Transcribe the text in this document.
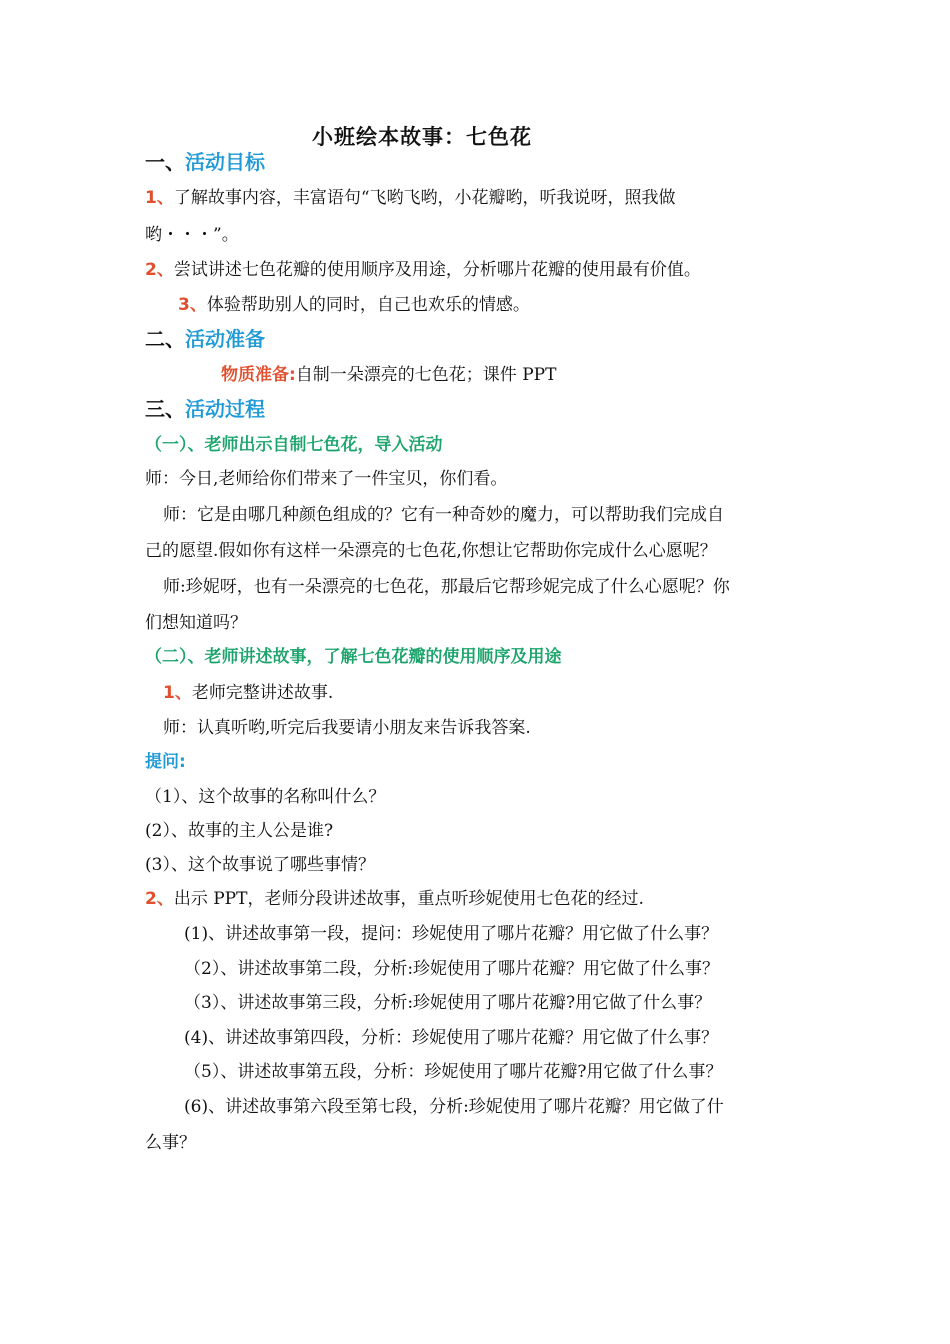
小班绘本故事：七色花
一、活动目标
1、了解故事内容，丰富语句“飞哟飞哟，小花瓣哟，听我说呀，照我做
哟・・・”。
2、尝试讲述七色花瓣的使用顺序及用途，分析哪片花瓣的使用最有价值。
3、体验帮助别人的同时，自己也欢乐的情感。
二、活动准备
物质准备:自制一朵漂亮的七色花；课件 PPT
三、活动过程
（一）、老师出示自制七色花，导入活动
师：今日,老师给你们带来了一件宝贝，你们看。
师：它是由哪几种颜色组成的？它有一种奇妙的魔力，可以帮助我们完成自
己的愿望.假如你有这样一朵漂亮的七色花,你想让它帮助你完成什么心愿呢？
师:珍妮呀，也有一朵漂亮的七色花，那最后它帮珍妮完成了什么心愿呢？你
们想知道吗？
（二）、老师讲述故事，了解七色花瓣的使用顺序及用途
1、老师完整讲述故事.
师：认真听哟,听完后我要请小朋友来告诉我答案.
提问:
（1）、这个故事的名称叫什么？
(2）、故事的主人公是谁?
(3）、这个故事说了哪些事情？
2、出示 PPT，老师分段讲述故事，重点听珍妮使用七色花的经过.
(1)、讲述故事第一段，提问：珍妮使用了哪片花瓣？用它做了什么事？
（2）、讲述故事第二段，分析:珍妮使用了哪片花瓣？用它做了什么事？
（3）、讲述故事第三段，分析:珍妮使用了哪片花瓣?用它做了什么事？
(4)、讲述故事第四段，分析：珍妮使用了哪片花瓣？用它做了什么事？
（5）、讲述故事第五段，分析：珍妮使用了哪片花瓣?用它做了什么事？
(6)、讲述故事第六段至第七段，分析:珍妮使用了哪片花瓣？用它做了什
么事？
